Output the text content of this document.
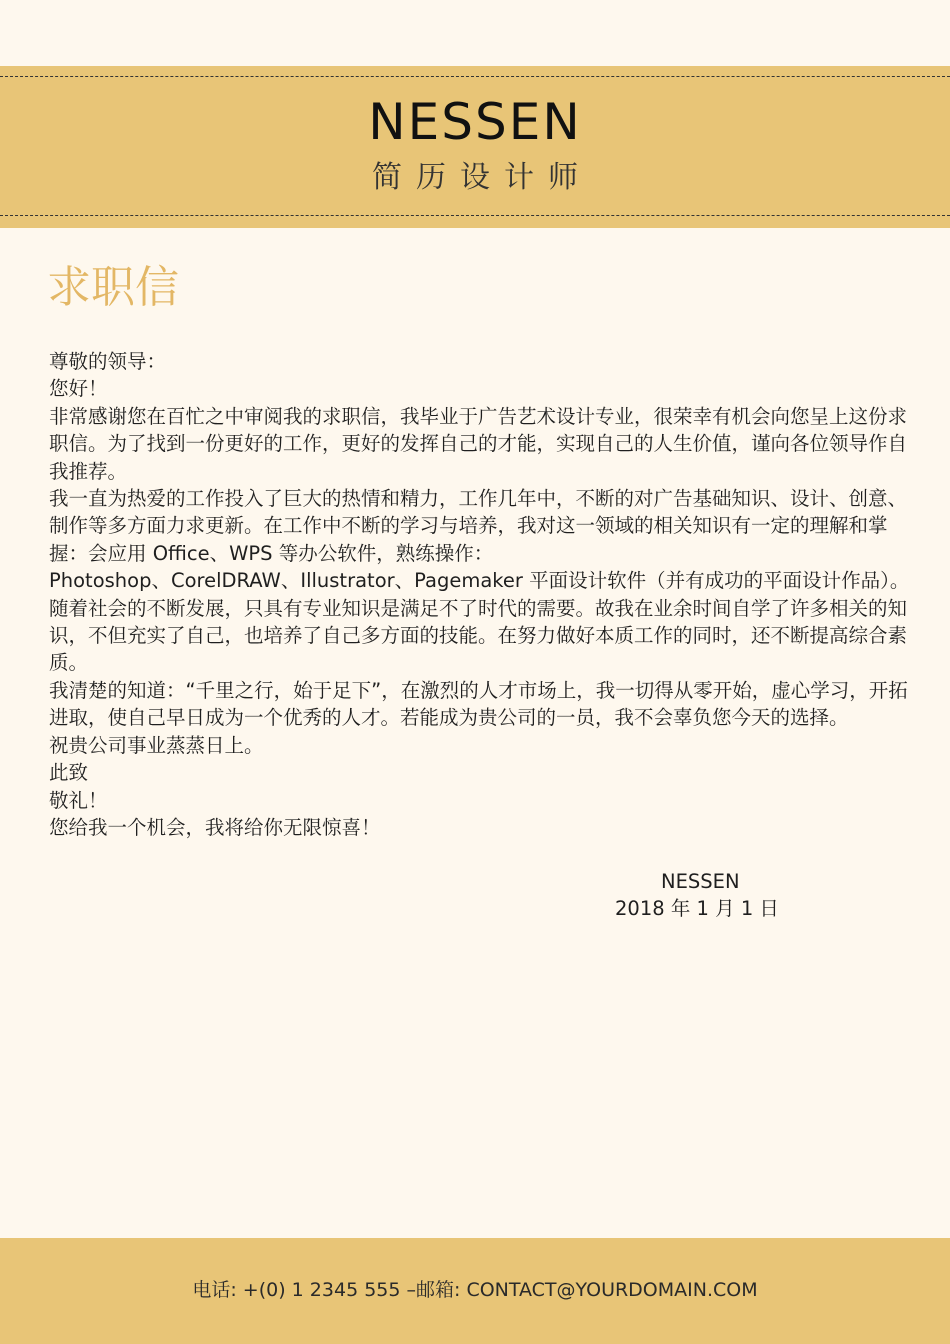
NESSEN
简历设计师
求职信

尊敬的领导：

您好！

非常感谢您在百忙之中审阅我的求职信，我毕业于广告艺术设计专业，很荣幸有机会向您呈上这份求职信。为了找到一份更好的工作，更好的发挥自己的才能，实现自己的人生价值，谨向各位领导作自我推荐。

我一直为热爱的工作投入了巨大的热情和精力，工作几年中，不断的对广告基础知识、设计、创意、制作等多方面力求更新。在工作中不断的学习与培养，我对这一领域的相关知识有一定的理解和掌握：会应用 Office、WPS 等办公软件，熟练操作：

Photoshop、CorelDRAW、Illustrator、Pagemaker 平面设计软件（并有成功的平面设计作品）。

随着社会的不断发展，只具有专业知识是满足不了时代的需要。故我在业余时间自学了许多相关的知识，不但充实了自己，也培养了自己多方面的技能。在努力做好本质工作的同时，还不断提高综合素质。

我清楚的知道：“千里之行，始于足下”，在激烈的人才市场上，我一切得从零开始，虚心学习，开拓进取，使自己早日成为一个优秀的人才。若能成为贵公司的一员，我不会辜负您今天的选择。

祝贵公司事业蒸蒸日上。

此致

敬礼！

您给我一个机会，我将给你无限惊喜！

NESSEN
2018 年 1 月 1 日
电话: +(0) 1 2345 555 –邮箱: CONTACT@YOURDOMAIN.COM
